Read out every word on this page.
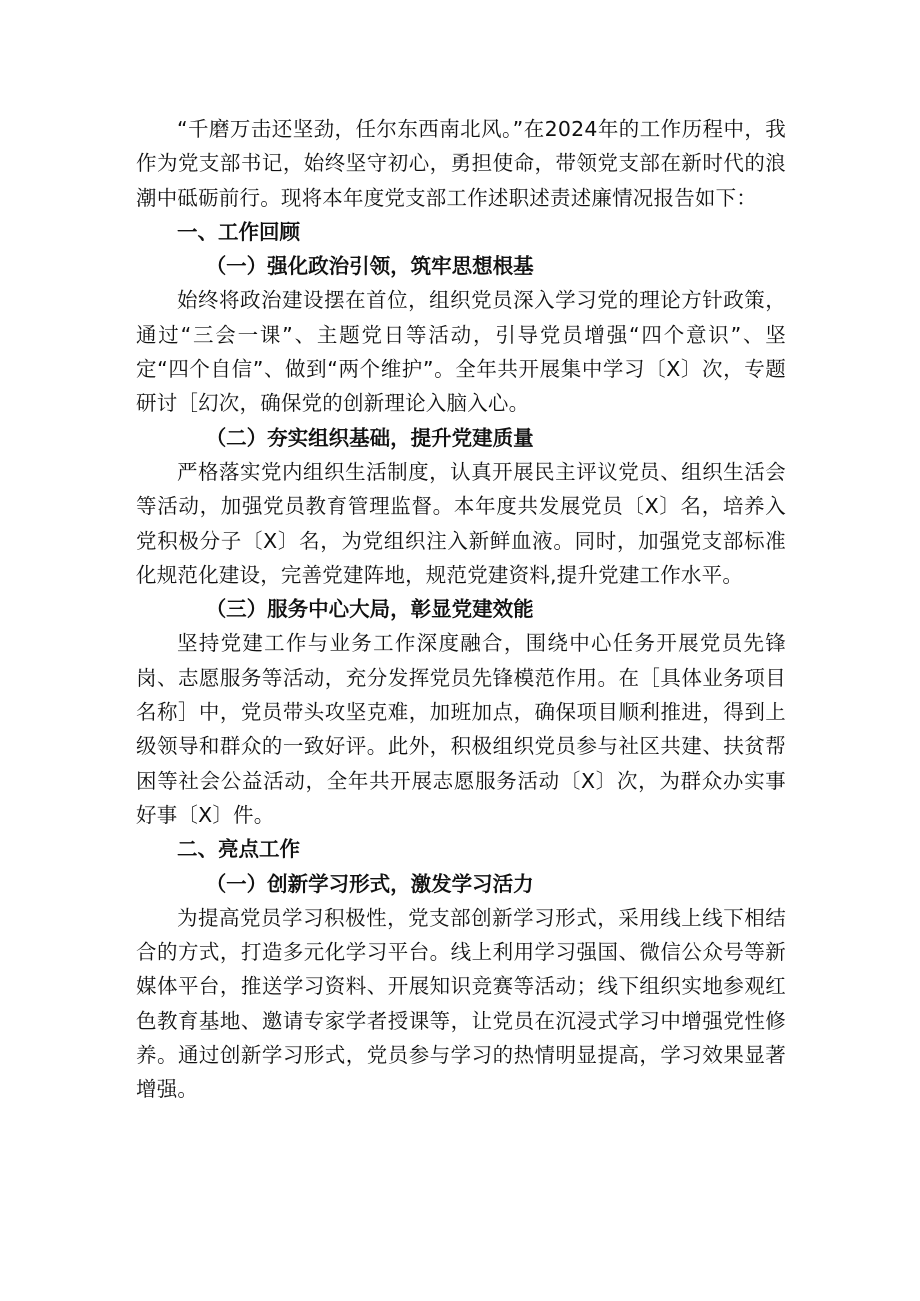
“千磨万击还坚劲，任尔东西南北风。”在2024年的工作历程中，我作为党支部书记，始终坚守初心，勇担使命，带领党支部在新时代的浪潮中砥砺前行。现将本年度党支部工作述职述责述廉情况报告如下：

一、工作回顾

（一）强化政治引领，筑牢思想根基

始终将政治建设摆在首位，组织党员深入学习党的理论方针政策，通过“三会一课”、主题党日等活动，引导党员增强“四个意识”、坚定“四个自信”、做到“两个维护”。全年共开展集中学习〔X〕次，专题研讨［幻次，确保党的创新理论入脑入心。

（二）夯实组织基础，提升党建质量

严格落实党内组织生活制度，认真开展民主评议党员、组织生活会等活动，加强党员教育管理监督。本年度共发展党员〔X〕名，培养入党积极分子〔X〕名，为党组织注入新鲜血液。同时，加强党支部标准化规范化建设，完善党建阵地，规范党建资料,提升党建工作水平。

（三）服务中心大局，彰显党建效能

坚持党建工作与业务工作深度融合，围绕中心任务开展党员先锋岗、志愿服务等活动，充分发挥党员先锋模范作用。在［具体业务项目名称］中，党员带头攻坚克难，加班加点，确保项目顺利推进，得到上级领导和群众的一致好评。此外，积极组织党员参与社区共建、扶贫帮困等社会公益活动，全年共开展志愿服务活动〔X〕次，为群众办实事好事〔X〕件。

二、亮点工作

（一）创新学习形式，激发学习活力

为提高党员学习积极性，党支部创新学习形式，采用线上线下相结合的方式，打造多元化学习平台。线上利用学习强国、微信公众号等新媒体平台，推送学习资料、开展知识竞赛等活动；线下组织实地参观红色教育基地、邀请专家学者授课等，让党员在沉浸式学习中增强党性修养。通过创新学习形式，党员参与学习的热情明显提高，学习效果显著增强。
